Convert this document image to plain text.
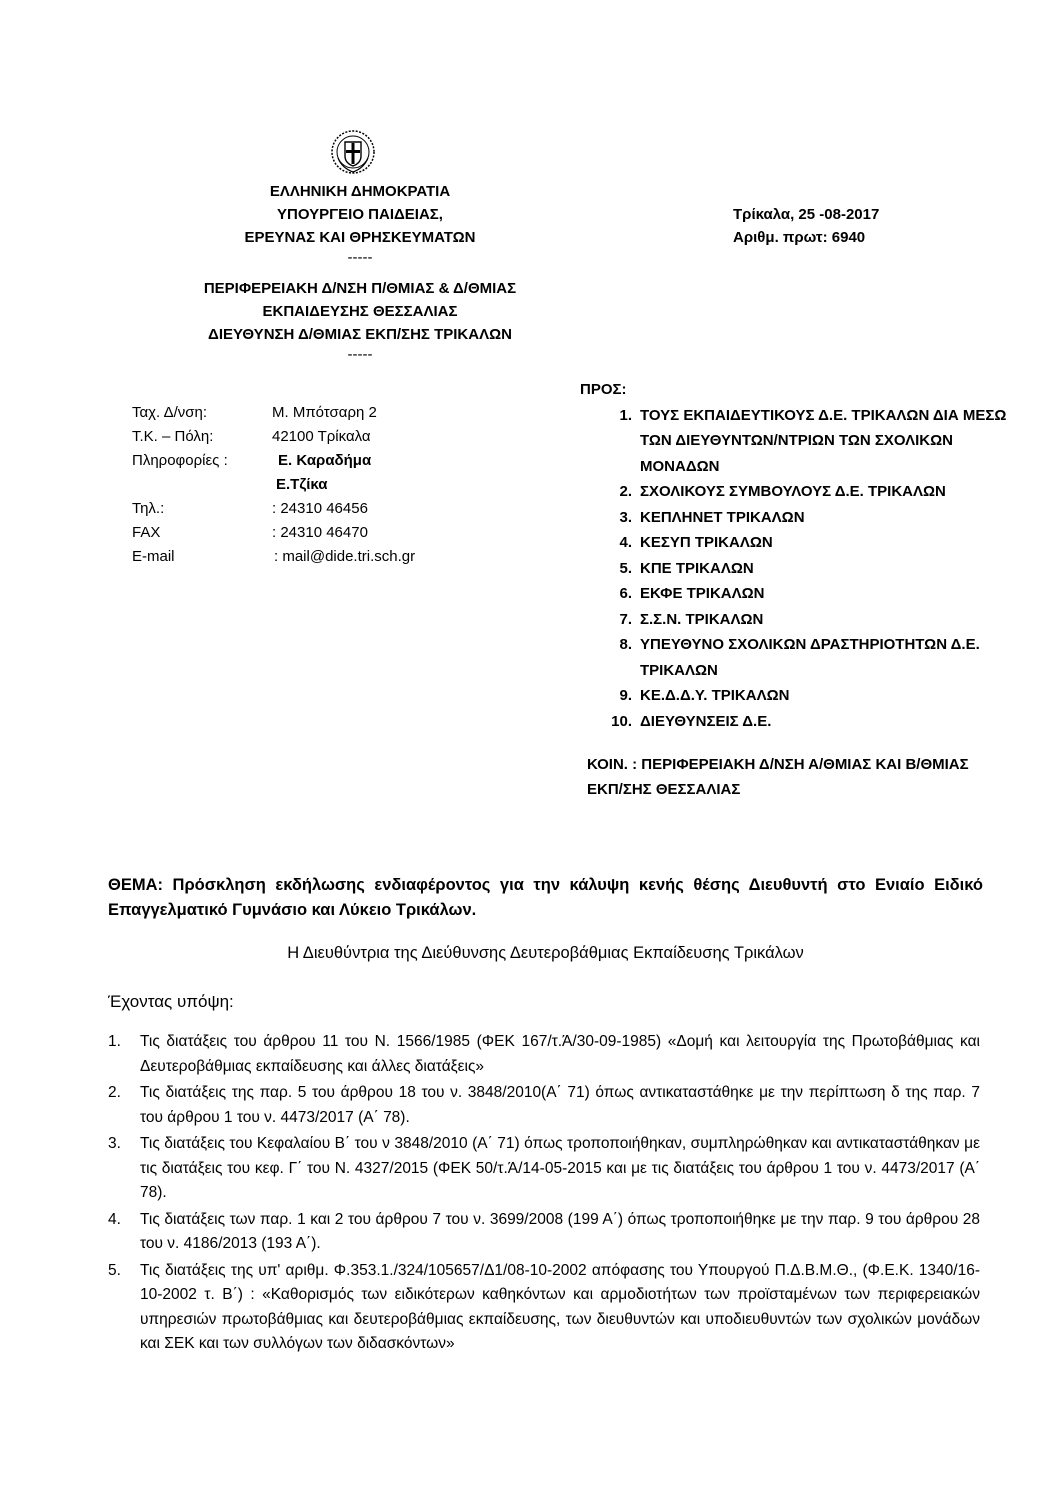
ΕΛΛΗΝΙΚΗ ΔΗΜΟΚΡΑΤΙΑ
ΥΠΟΥΡΓΕΙΟ ΠΑΙΔΕΙΑΣ,
ΕΡΕΥΝΑΣ ΚΑΙ ΘΡΗΣΚΕΥΜΑΤΩΝ
-----
ΠΕΡΙΦΕΡΕΙΑΚΗ Δ/ΝΣΗ Π/ΘΜΙΑΣ & Δ/ΘΜΙΑΣ
ΕΚΠΑΙΔΕΥΣΗΣ ΘΕΣΣΑΛΙΑΣ
ΔΙΕΥΘΥΝΣΗ Δ/ΘΜΙΑΣ ΕΚΠ/ΣΗΣ ΤΡΙΚΑΛΩΝ
-----
Τρίκαλα, 25 -08-2017
Αριθμ. πρωτ: 6940
Ταχ. Δ/νση:	Μ. Μπότσαρη 2
Τ.Κ. – Πόλη:	42100 Τρίκαλα
Πληροφορίες :	Ε. Καραδήμα
Ε.Τζίκα
Τηλ.:	: 24310 46456
FAX	: 24310 46470
E-mail	: mail@dide.tri.sch.gr
ΠΡΟΣ:
1. ΤΟΥΣ ΕΚΠΑΙΔΕΥΤΙΚΟΥΣ Δ.Ε. ΤΡΙΚΑΛΩΝ ΔΙΑ ΜΕΣΩ ΤΩΝ ΔΙΕΥΘΥΝΤΩΝ/ΝΤΡΙΩΝ ΤΩΝ ΣΧΟΛΙΚΩΝ ΜΟΝΑΔΩΝ
2. ΣΧΟΛΙΚΟΥΣ ΣΥΜΒΟΥΛΟΥΣ Δ.Ε. ΤΡΙΚΑΛΩΝ
3. ΚΕΠΛΗΝΕΤ ΤΡΙΚΑΛΩΝ
4. ΚΕΣΥΠ ΤΡΙΚΑΛΩΝ
5. ΚΠΕ ΤΡΙΚΑΛΩΝ
6. ΕΚΦΕ ΤΡΙΚΑΛΩΝ
7. Σ.Σ.Ν. ΤΡΙΚΑΛΩΝ
8. ΥΠΕΥΘΥΝΟ ΣΧΟΛΙΚΩΝ ΔΡΑΣΤΗΡΙΟΤΗΤΩΝ Δ.Ε. ΤΡΙΚΑΛΩΝ
9. ΚΕ.Δ.Δ.Υ. ΤΡΙΚΑΛΩΝ
10. ΔΙΕΥΘΥΝΣΕΙΣ Δ.Ε.
ΚΟΙΝ. : ΠΕΡΙΦΕΡΕΙΑΚΗ Δ/ΝΣΗ Α/ΘΜΙΑΣ ΚΑΙ Β/ΘΜΙΑΣ ΕΚΠ/ΣΗΣ ΘΕΣΣΑΛΙΑΣ
ΘΕΜΑ: Πρόσκληση εκδήλωσης ενδιαφέροντος για την κάλυψη κενής θέσης Διευθυντή στο Ενιαίο Ειδικό Επαγγελματικό Γυμνάσιο και Λύκειο Τρικάλων.
Η Διευθύντρια της Διεύθυνσης Δευτεροβάθμιας Εκπαίδευσης Τρικάλων
Έχοντας υπόψη:
1.	Τις διατάξεις του άρθρου 11 του Ν. 1566/1985 (ΦΕΚ 167/τ.Ά/30-09-1985) «Δομή και λειτουργία της Πρωτοβάθμιας και Δευτεροβάθμιας εκπαίδευσης και άλλες διατάξεις»
2.	Τις διατάξεις της παρ. 5 του άρθρου 18 του ν. 3848/2010(Α΄ 71) όπως αντικαταστάθηκε με την περίπτωση δ της παρ. 7 του άρθρου 1 του ν. 4473/2017 (Α΄ 78).
3.	Τις διατάξεις του Κεφαλαίου Β΄ του ν 3848/2010 (Α΄ 71) όπως τροποποιήθηκαν, συμπληρώθηκαν και αντικαταστάθηκαν με τις διατάξεις του κεφ. Γ΄ του Ν. 4327/2015 (ΦΕΚ 50/τ.Ά/14-05-2015 και με τις διατάξεις του άρθρου 1 του ν. 4473/2017 (Α΄ 78).
4.	Τις διατάξεις των παρ. 1 και 2 του άρθρου 7 του ν. 3699/2008 (199 Α΄) όπως τροποποιήθηκε με την παρ. 9 του άρθρου 28 του ν. 4186/2013 (193 Α΄).
5.	Τις διατάξεις της υπ' αριθμ. Φ.353.1./324/105657/Δ1/08-10-2002 απόφασης του Υπουργού Π.Δ.Β.Μ.Θ., (Φ.Ε.Κ. 1340/16-10-2002 τ. Β΄) : «Καθορισμός των ειδικότερων καθηκόντων και αρμοδιοτήτων των προϊσταμένων των περιφερειακών υπηρεσιών πρωτοβάθμιας και δευτεροβάθμιας εκπαίδευσης, των διευθυντών και υποδιευθυντών των σχολικών μονάδων και ΣΕΚ και των συλλόγων των διδασκόντων»
